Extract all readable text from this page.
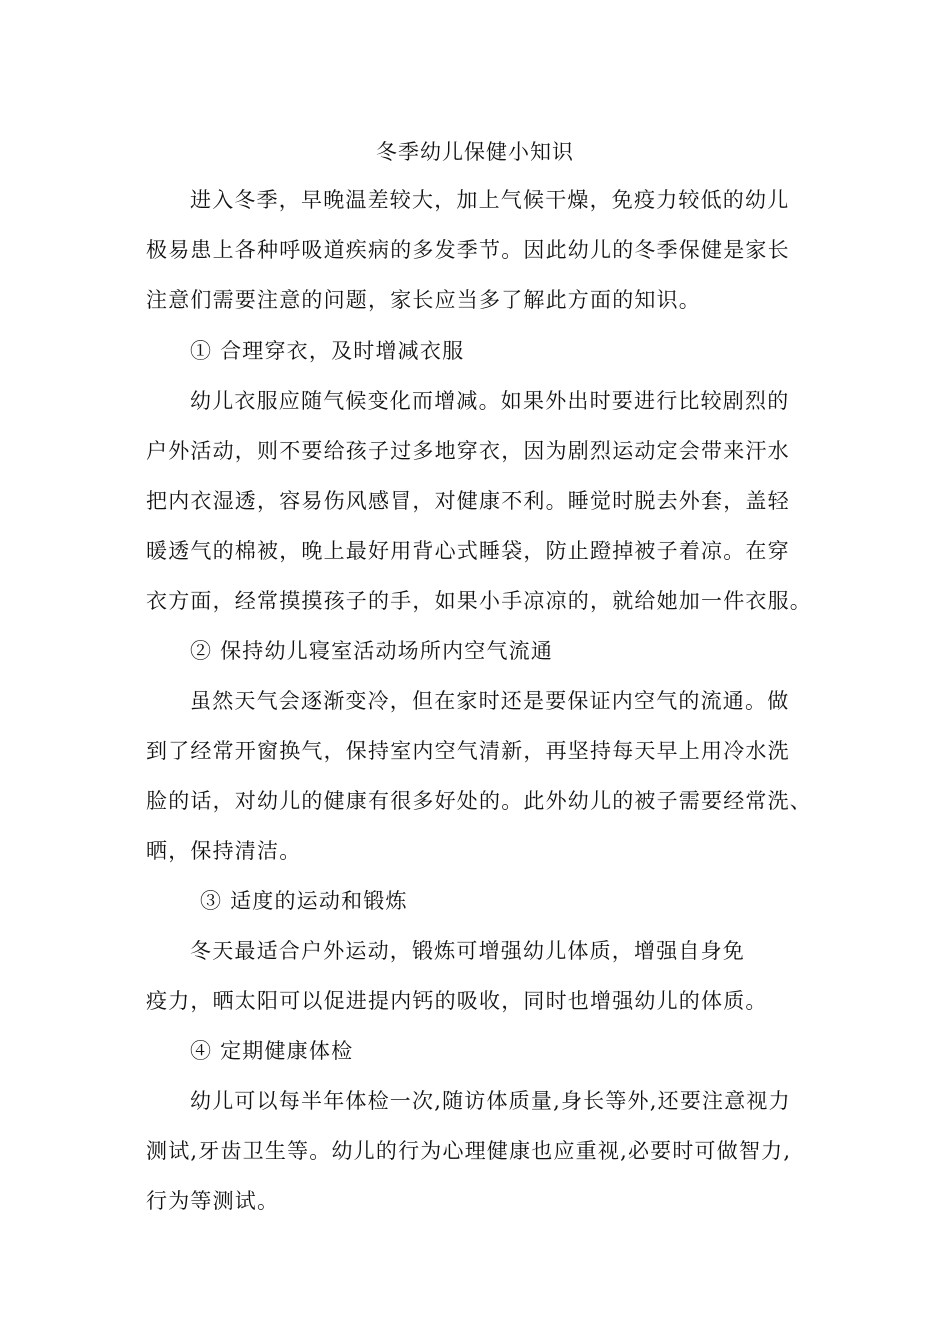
冬季幼儿保健小知识
进入冬季，早晚温差较大，加上气候干燥，免疫力较低的幼儿
极易患上各种呼吸道疾病的多发季节。因此幼儿的冬季保健是家长
注意们需要注意的问题，家长应当多了解此方面的知识。
① 合理穿衣，及时增减衣服
幼儿衣服应随气候变化而增减。如果外出时要进行比较剧烈的
户外活动，则不要给孩子过多地穿衣，因为剧烈运动定会带来汗水
把内衣湿透，容易伤风感冒，对健康不利。睡觉时脱去外套，盖轻
暖透气的棉被，晚上最好用背心式睡袋，防止蹬掉被子着凉。在穿
衣方面，经常摸摸孩子的手，如果小手凉凉的，就给她加一件衣服。
② 保持幼儿寝室活动场所内空气流通
虽然天气会逐渐变冷，但在家时还是要保证内空气的流通。做
到了经常开窗换气，保持室内空气清新，再坚持每天早上用冷水洗
脸的话，对幼儿的健康有很多好处的。此外幼儿的被子需要经常洗、
晒，保持清洁。
③ 适度的运动和锻炼
冬天最适合户外运动，锻炼可增强幼儿体质，增强自身免
疫力，晒太阳可以促进提内钙的吸收，同时也增强幼儿的体质。
④ 定期健康体检
幼儿可以每半年体检一次,随访体质量,身长等外,还要注意视力
测试,牙齿卫生等。幼儿的行为心理健康也应重视,必要时可做智力,
行为等测试。
